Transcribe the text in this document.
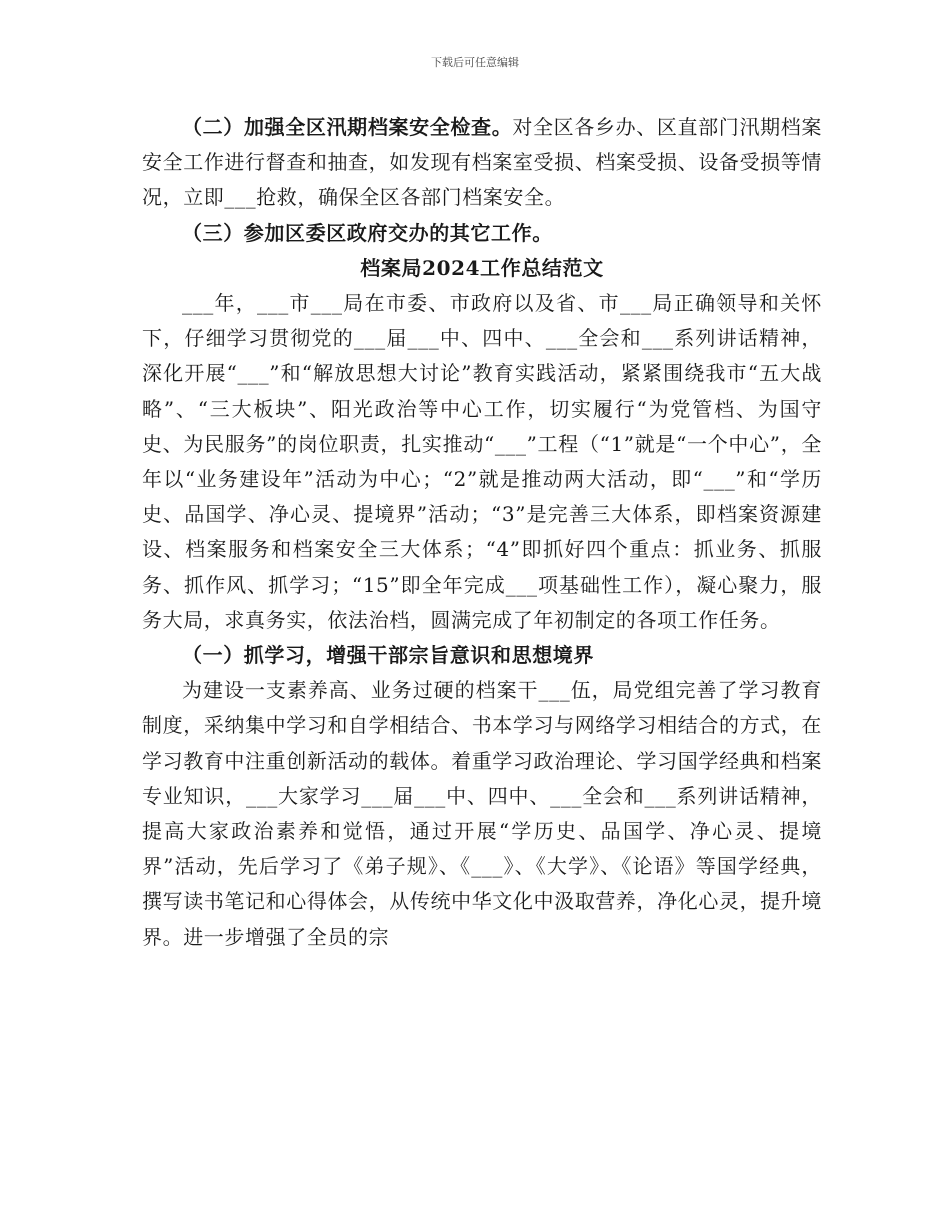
下载后可任意编辑

（二）加强全区汛期档案安全检查。对全区各乡办、区直部门汛期档案安全工作进行督查和抽查，如发现有档案室受损、档案受损、设备受损等情况，立即___抢救，确保全区各部门档案安全。

（三）参加区委区政府交办的其它工作。

档案局2024工作总结范文

___年，___市___局在市委、市政府以及省、市___局正确领导和关怀下，仔细学习贯彻党的___届___中、四中、___全会和___系列讲话精神，深化开展“___”和“解放思想大讨论”教育实践活动，紧紧围绕我市“五大战略”、“三大板块”、阳光政治等中心工作，切实履行“为党管档、为国守史、为民服务”的岗位职责，扎实推动“___”工程（“1”就是“一个中心”，全年以“业务建设年”活动为中心；“2”就是推动两大活动，即“___”和“学历史、品国学、净心灵、提境界”活动；“3”是完善三大体系，即档案资源建设、档案服务和档案安全三大体系；“4”即抓好四个重点：抓业务、抓服务、抓作风、抓学习；“15”即全年完成___项基础性工作），凝心聚力，服务大局，求真务实，依法治档，圆满完成了年初制定的各项工作任务。

（一）抓学习，增强干部宗旨意识和思想境界

为建设一支素养高、业务过硬的档案干___伍，局党组完善了学习教育制度，采纳集中学习和自学相结合、书本学习与网络学习相结合的方式，在学习教育中注重创新活动的载体。着重学习政治理论、学习国学经典和档案专业知识，___大家学习___届___中、四中、___全会和___系列讲话精神，提高大家政治素养和觉悟，通过开展“学历史、品国学、净心灵、提境界”活动，先后学习了《弟子规》、《___》、《大学》、《论语》等国学经典，撰写读书笔记和心得体会，从传统中华文化中汲取营养，净化心灵，提升境界。进一步增强了全员的宗
